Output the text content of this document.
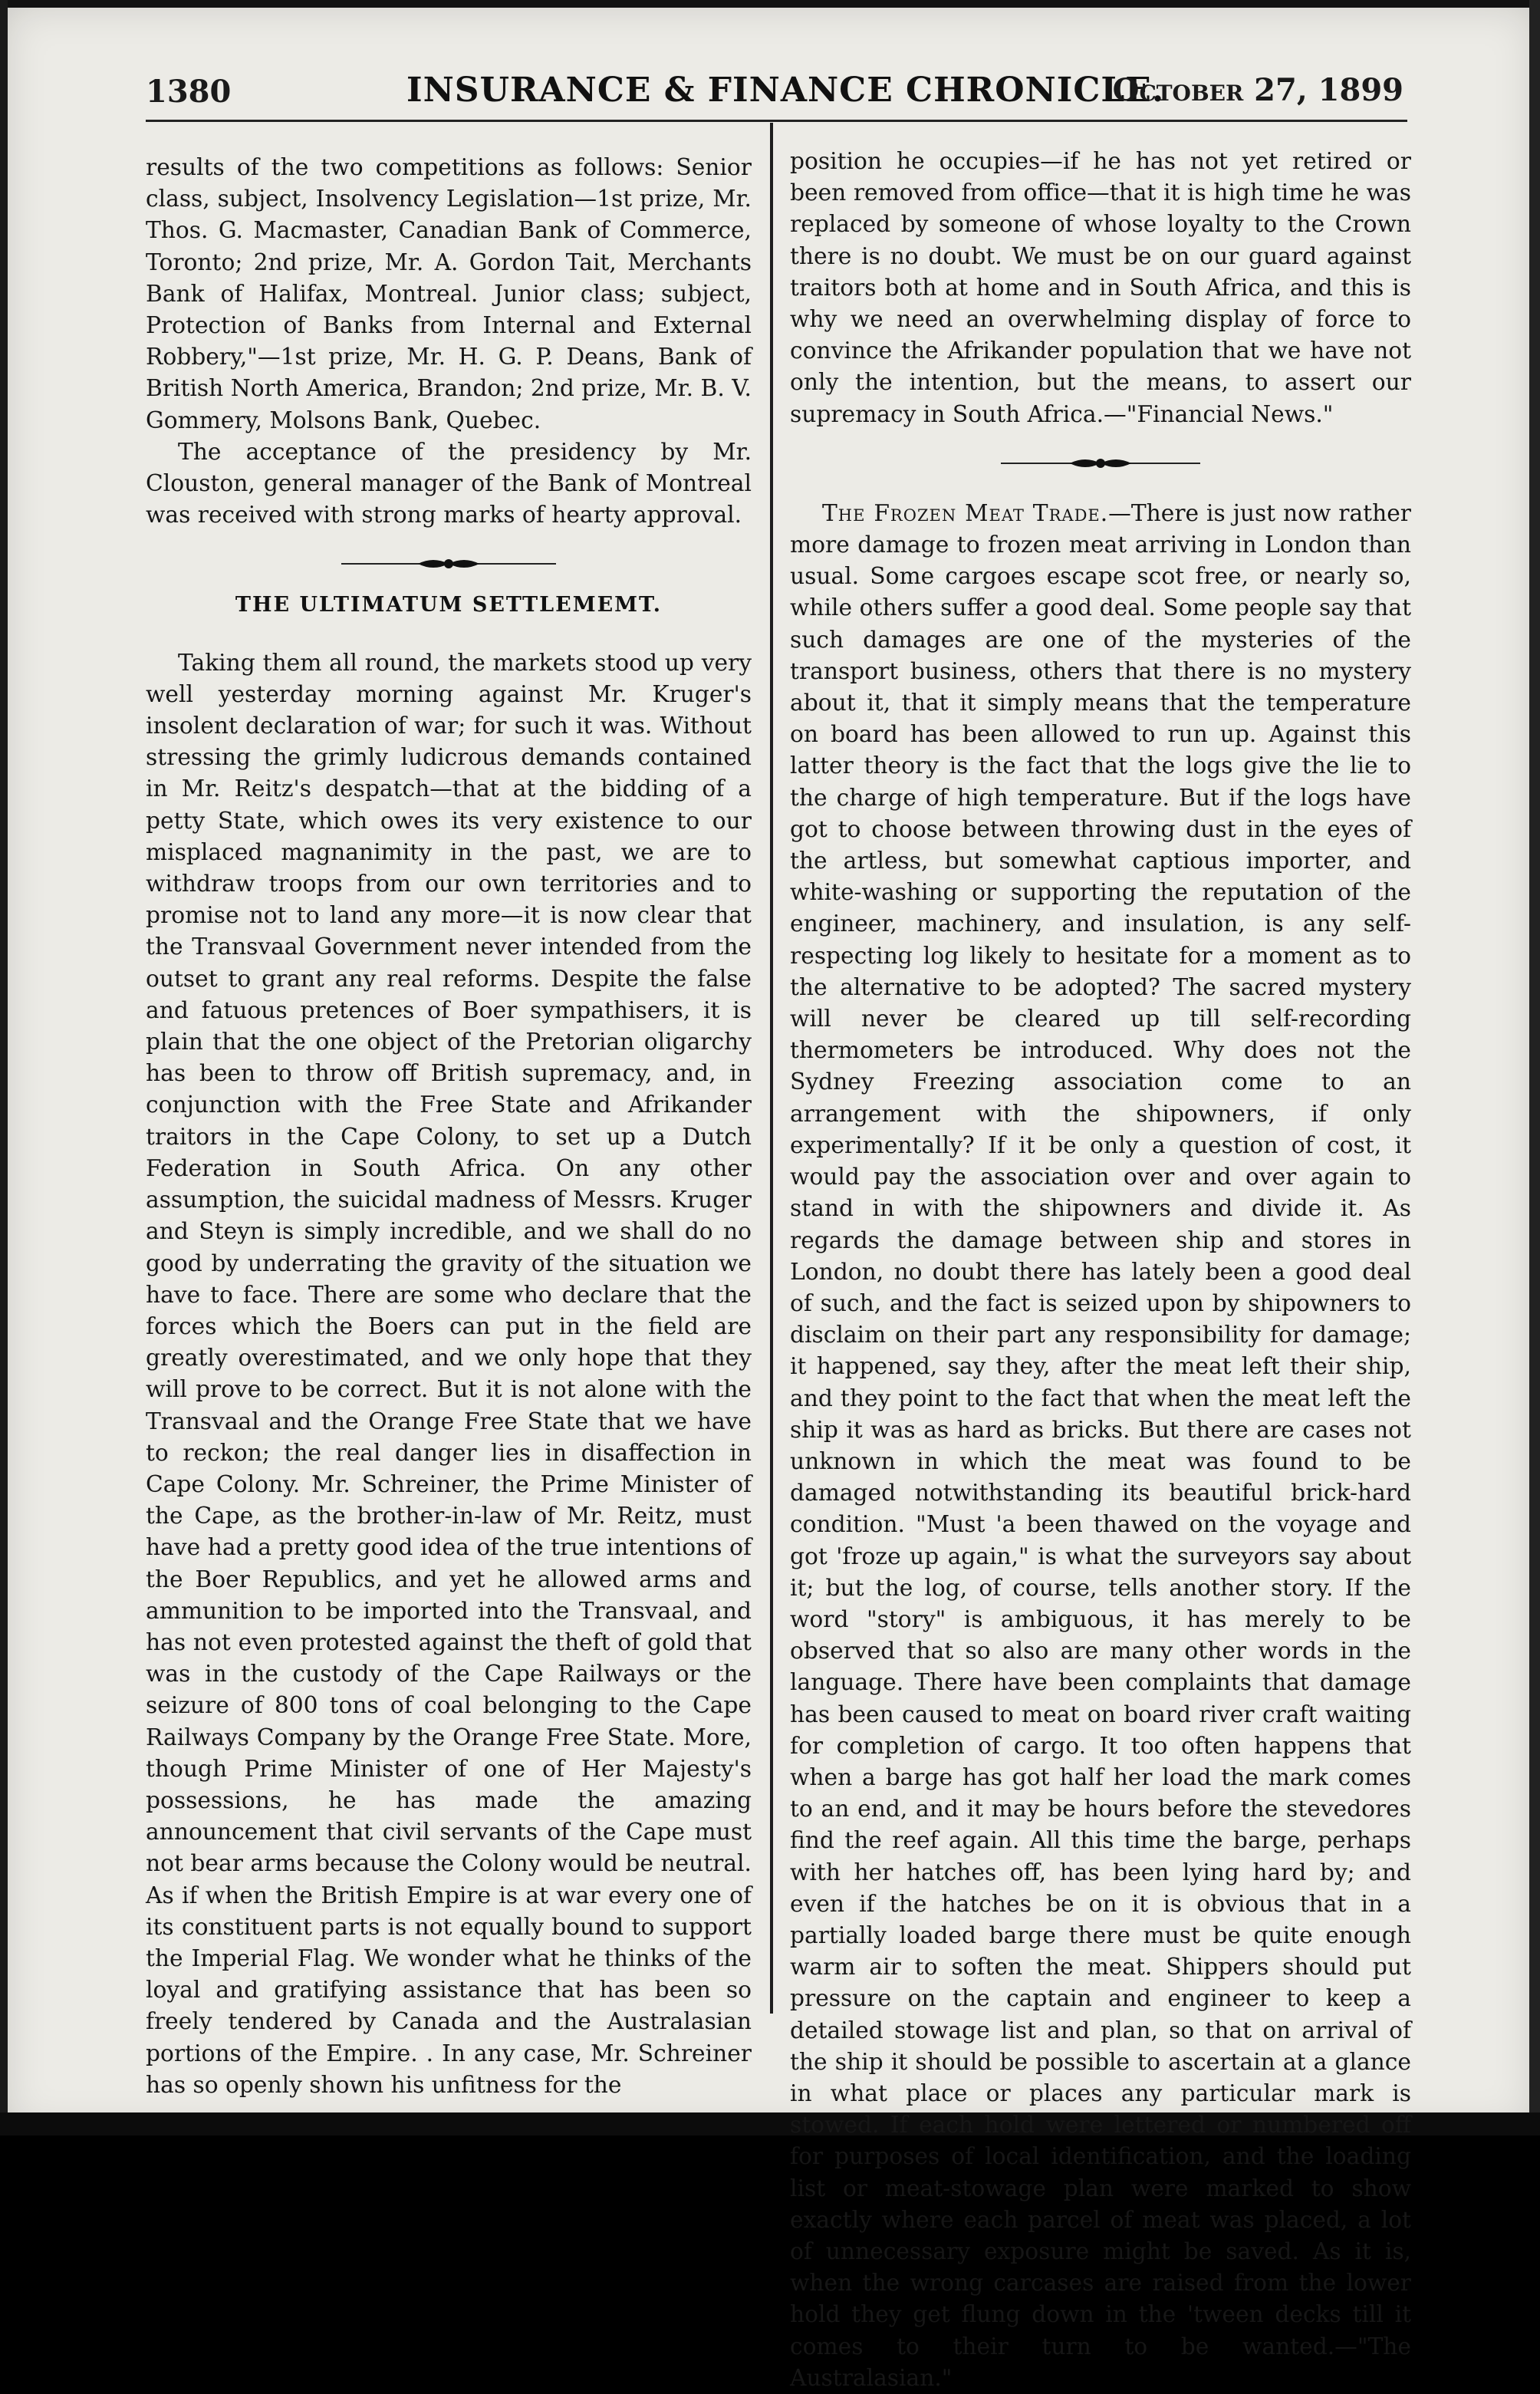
1380	INSURANCE & FINANCE CHRONICLE.
October 27, 1899

results of the two competitions as follows: Senior class, subject, Insolvency Legislation—1st prize, Mr. Thos. G. Macmaster, Canadian Bank of Commerce, Toronto; 2nd prize, Mr. A. Gordon Tait, Merchants Bank of Halifax, Montreal. Junior class; subject, Protection of Banks from Internal and External Robbery,"—1st prize, Mr. H. G. P. Deans, Bank of British North America, Brandon; 2nd prize, Mr. B. V. Gommery, Molsons Bank, Quebec.

The acceptance of the presidency by Mr. Clouston, general manager of the Bank of Montreal was received with strong marks of hearty approval.

THE ULTIMATUM SETTLEMEMT.

Taking them all round, the markets stood up very well yesterday morning against Mr. Kruger's insolent declaration of war; for such it was. Without stressing the grimly ludicrous demands contained in Mr. Reitz's despatch—that at the bidding of a petty State, which owes its very existence to our misplaced magnanimity in the past, we are to withdraw troops from our own territories and to promise not to land any more—it is now clear that the Transvaal Government never intended from the outset to grant any real reforms. Despite the false and fatuous pretences of Boer sympathisers, it is plain that the one object of the Pretorian oligarchy has been to throw off British supremacy, and, in conjunction with the Free State and Afrikander traitors in the Cape Colony, to set up a Dutch Federation in South Africa. On any other assumption, the suicidal madness of Messrs. Kruger and Steyn is simply incredible, and we shall do no good by underrating the gravity of the situation we have to face. There are some who declare that the forces which the Boers can put in the field are greatly overestimated, and we only hope that they will prove to be correct. But it is not alone with the Transvaal and the Orange Free State that we have to reckon; the real danger lies in disaffection in Cape Colony. Mr. Schreiner, the Prime Minister of the Cape, as the brother-in-law of Mr. Reitz, must have had a pretty good idea of the true intentions of the Boer Republics, and yet he allowed arms and ammunition to be imported into the Transvaal, and has not even protested against the theft of gold that was in the custody of the Cape Railways or the seizure of 800 tons of coal belonging to the Cape Railways Company by the Orange Free State. More, though Prime Minister of one of Her Majesty's possessions, he has made the amazing announcement that civil servants of the Cape must not bear arms because the Colony would be neutral. As if when the British Empire is at war every one of its constituent parts is not equally bound to support the Imperial Flag. We wonder what he thinks of the loyal and gratifying assistance that has been so freely tendered by Canada and the Australasian portions of the Empire. . In any case, Mr. Schreiner has so openly shown his unfitness for the

position he occupies—if he has not yet retired or been removed from office—that it is high time he was replaced by someone of whose loyalty to the Crown there is no doubt. We must be on our guard against traitors both at home and in South Africa, and this is why we need an overwhelming display of force to convince the Afrikander population that we have not only the intention, but the means, to assert our supremacy in South Africa.—"Financial News."

The Frozen Meat Trade.—There is just now rather more damage to frozen meat arriving in London than usual. Some cargoes escape scot free, or nearly so, while others suffer a good deal. Some people say that such damages are one of the mysteries of the transport business, others that there is no mystery about it, that it simply means that the temperature on board has been allowed to run up. Against this latter theory is the fact that the logs give the lie to the charge of high temperature. But if the logs have got to choose between throwing dust in the eyes of the artless, but somewhat captious importer, and white-washing or supporting the reputation of the engineer, machinery, and insulation, is any self-respecting log likely to hesitate for a moment as to the alternative to be adopted? The sacred mystery will never be cleared up till self-recording thermometers be introduced. Why does not the Sydney Freezing association come to an arrangement with the shipowners, if only experimentally? If it be only a question of cost, it would pay the association over and over again to stand in with the shipowners and divide it. As regards the damage between ship and stores in London, no doubt there has lately been a good deal of such, and the fact is seized upon by shipowners to disclaim on their part any responsibility for damage; it happened, say they, after the meat left their ship, and they point to the fact that when the meat left the ship it was as hard as bricks. But there are cases not unknown in which the meat was found to be damaged notwithstanding its beautiful brick-hard condition. "Must 'a been thawed on the voyage and got 'froze up again," is what the surveyors say about it; but the log, of course, tells another story. If the word "story" is ambiguous, it has merely to be observed that so also are many other words in the language. There have been complaints that damage has been caused to meat on board river craft waiting for completion of cargo. It too often happens that when a barge has got half her load the mark comes to an end, and it may be hours before the stevedores find the reef again. All this time the barge, perhaps with her hatches off, has been lying hard by; and even if the hatches be on it is obvious that in a partially loaded barge there must be quite enough warm air to soften the meat. Shippers should put pressure on the captain and engineer to keep a detailed stowage list and plan, so that on arrival of the ship it should be possible to ascertain at a glance in what place or places any particular mark is stowed. If each hold were lettered or numbered off for purposes of local identification, and the loading list or meat-stowage plan were marked to show exactly where each parcel of meat was placed, a lot of unnecessary exposure might be saved. As it is, when the wrong carcases are raised from the lower hold they get flung down in the 'tween decks till it comes to their turn to be wanted.—"The Australasian."
